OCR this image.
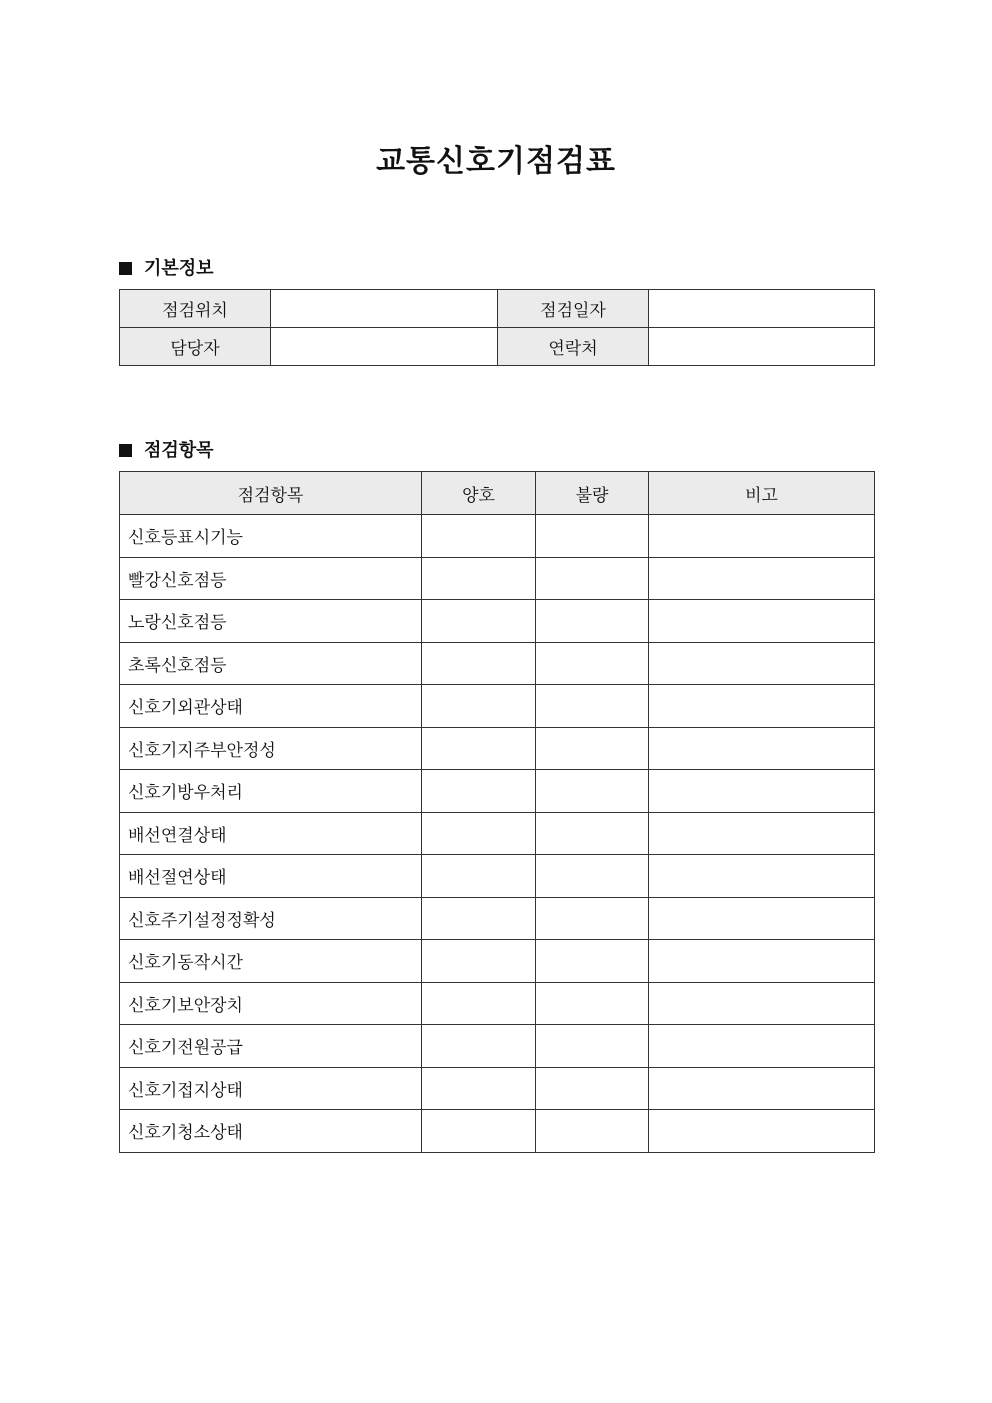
교통신호기점검표
기본정보
점검위치		점검일자	
담당자		연락처	
점검항목
점검항목	양호	불량	비고
신호등표시기능			
빨강신호점등			
노랑신호점등			
초록신호점등			
신호기외관상태			
신호기지주부안정성			
신호기방우처리			
배선연결상태			
배선절연상태			
신호주기설정정확성			
신호기동작시간			
신호기보안장치			
신호기전원공급			
신호기접지상태			
신호기청소상태			
